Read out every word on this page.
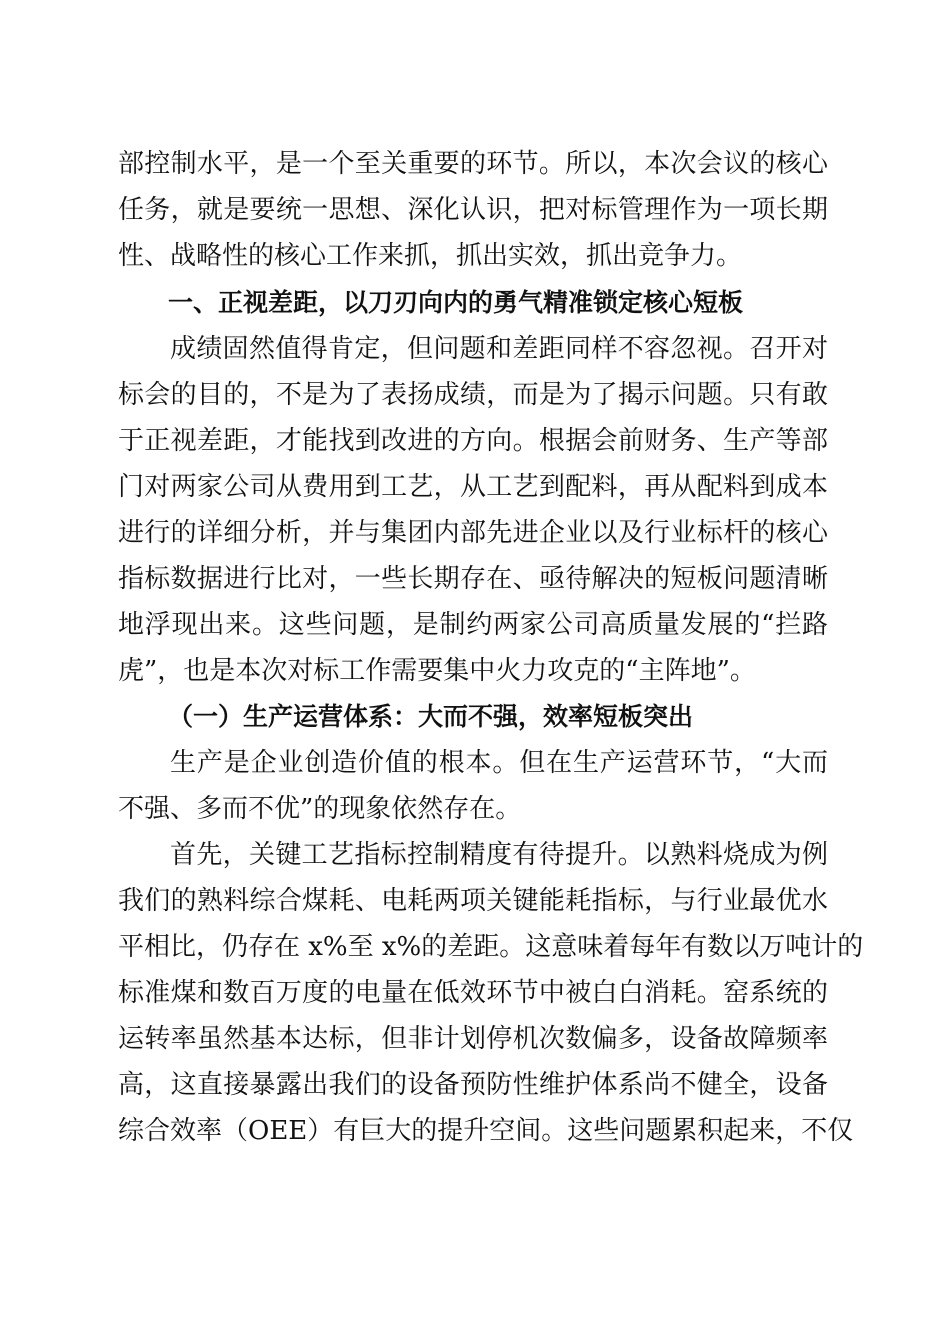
部控制水平，是一个至关重要的环节。所以，本次会议的核心
任务，就是要统一思想、深化认识，把对标管理作为一项长期
性、战略性的核心工作来抓，抓出实效，抓出竞争力。
一、正视差距，以刀刃向内的勇气精准锁定核心短板
成绩固然值得肯定，但问题和差距同样不容忽视。召开对
标会的目的，不是为了表扬成绩，而是为了揭示问题。只有敢
于正视差距，才能找到改进的方向。根据会前财务、生产等部
门对两家公司从费用到工艺，从工艺到配料，再从配料到成本
进行的详细分析，并与集团内部先进企业以及行业标杆的核心
指标数据进行比对，一些长期存在、亟待解决的短板问题清晰
地浮现出来。这些问题，是制约两家公司高质量发展的“拦路
虎”，也是本次对标工作需要集中火力攻克的“主阵地”。
（一）生产运营体系：大而不强，效率短板突出
生产是企业创造价值的根本。但在生产运营环节，“大而
不强、多而不优”的现象依然存在。
首先，关键工艺指标控制精度有待提升。以熟料烧成为例
我们的熟料综合煤耗、电耗两项关键能耗指标，与行业最优水
平相比，仍存在 x%至 x%的差距。这意味着每年有数以万吨计的
标准煤和数百万度的电量在低效环节中被白白消耗。窑系统的
运转率虽然基本达标，但非计划停机次数偏多，设备故障频率
高，这直接暴露出我们的设备预防性维护体系尚不健全，设备
综合效率（OEE）有巨大的提升空间。这些问题累积起来，不仅
